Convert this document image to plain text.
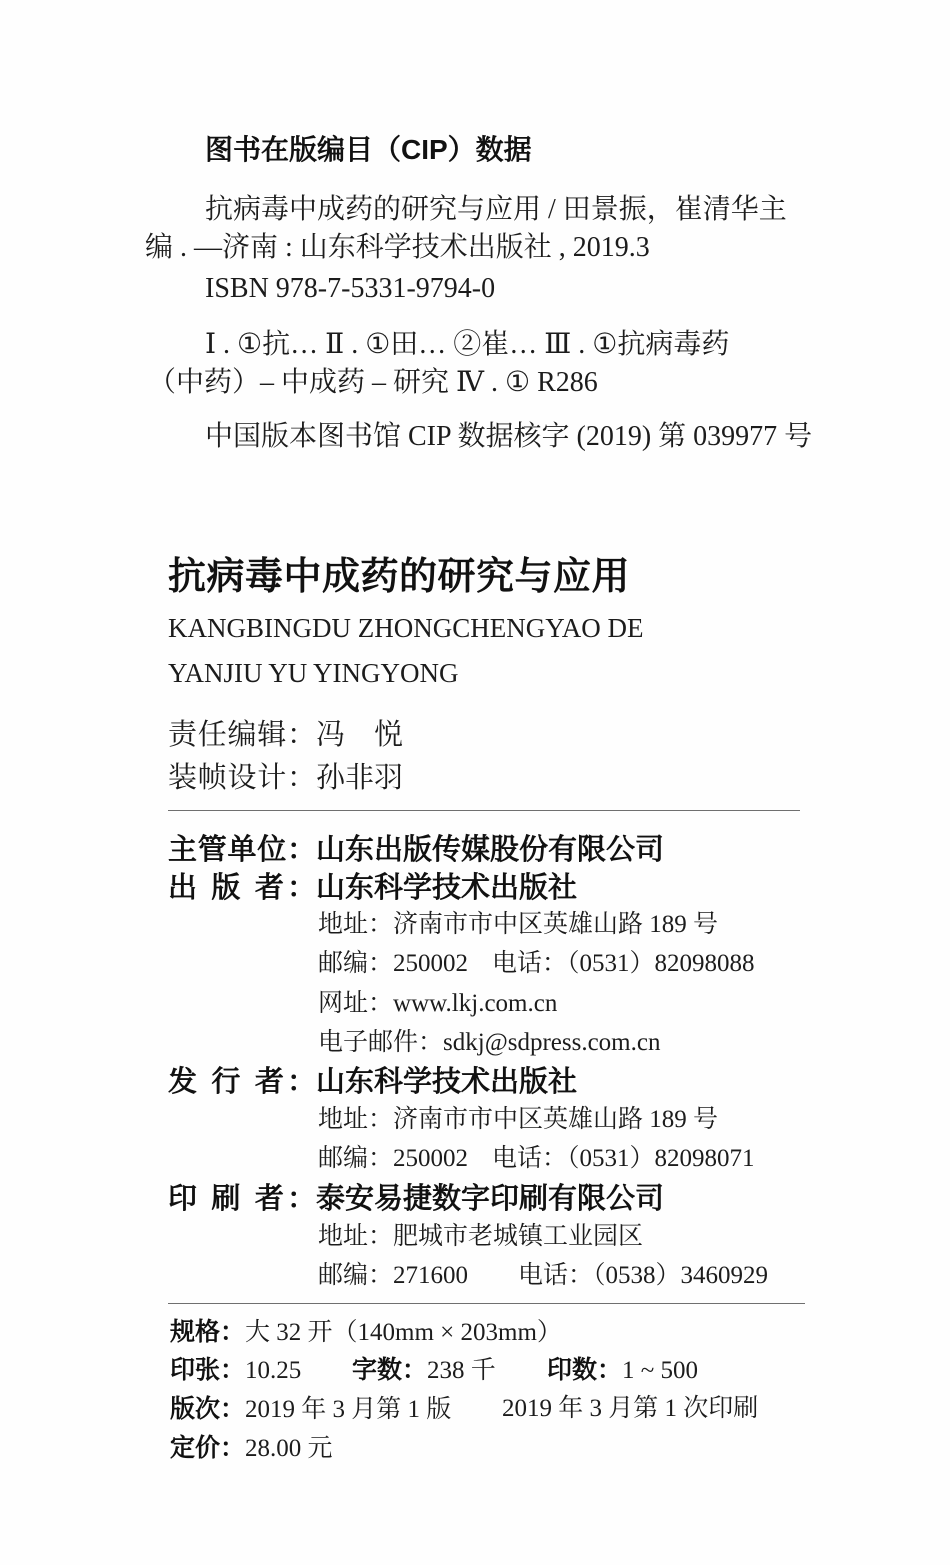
图书在版编目（CIP）数据
抗病毒中成药的研究与应用 / 田景振，崔清华主
编 . —济南 : 山东科学技术出版社 , 2019.3
ISBN 978-7-5331-9794-0
Ⅰ . ①抗… Ⅱ . ①田… ②崔… Ⅲ . ①抗病毒药
（中药）– 中成药 – 研究 Ⅳ . ① R286
中国版本图书馆 CIP 数据核字 (2019) 第 039977 号
抗病毒中成药的研究与应用
KANGBINGDU ZHONGCHENGYAO DE
YANJIU YU YINGYONG
责任编辑：冯　悦
装帧设计：孙非羽
主管单位：山东出版传媒股份有限公司
出 版 者：山东科学技术出版社
地址：济南市市中区英雄山路 189 号
邮编：250002 电话：（0531）82098088
网址：www.lkj.com.cn
电子邮件：sdkj@sdpress.com.cn
发 行 者：山东科学技术出版社
地址：济南市市中区英雄山路 189 号
邮编：250002 电话：（0531）82098071
印 刷 者：泰安易捷数字印刷有限公司
地址：肥城市老城镇工业园区
邮编：271600 电话：（0538）3460929
规格：大 32 开（140mm × 203mm）
印张：10.25 字数：238 千 印数：1 ~ 500
版次：2019 年 3 月第 1 版 2019 年 3 月第 1 次印刷
定价：28.00 元
